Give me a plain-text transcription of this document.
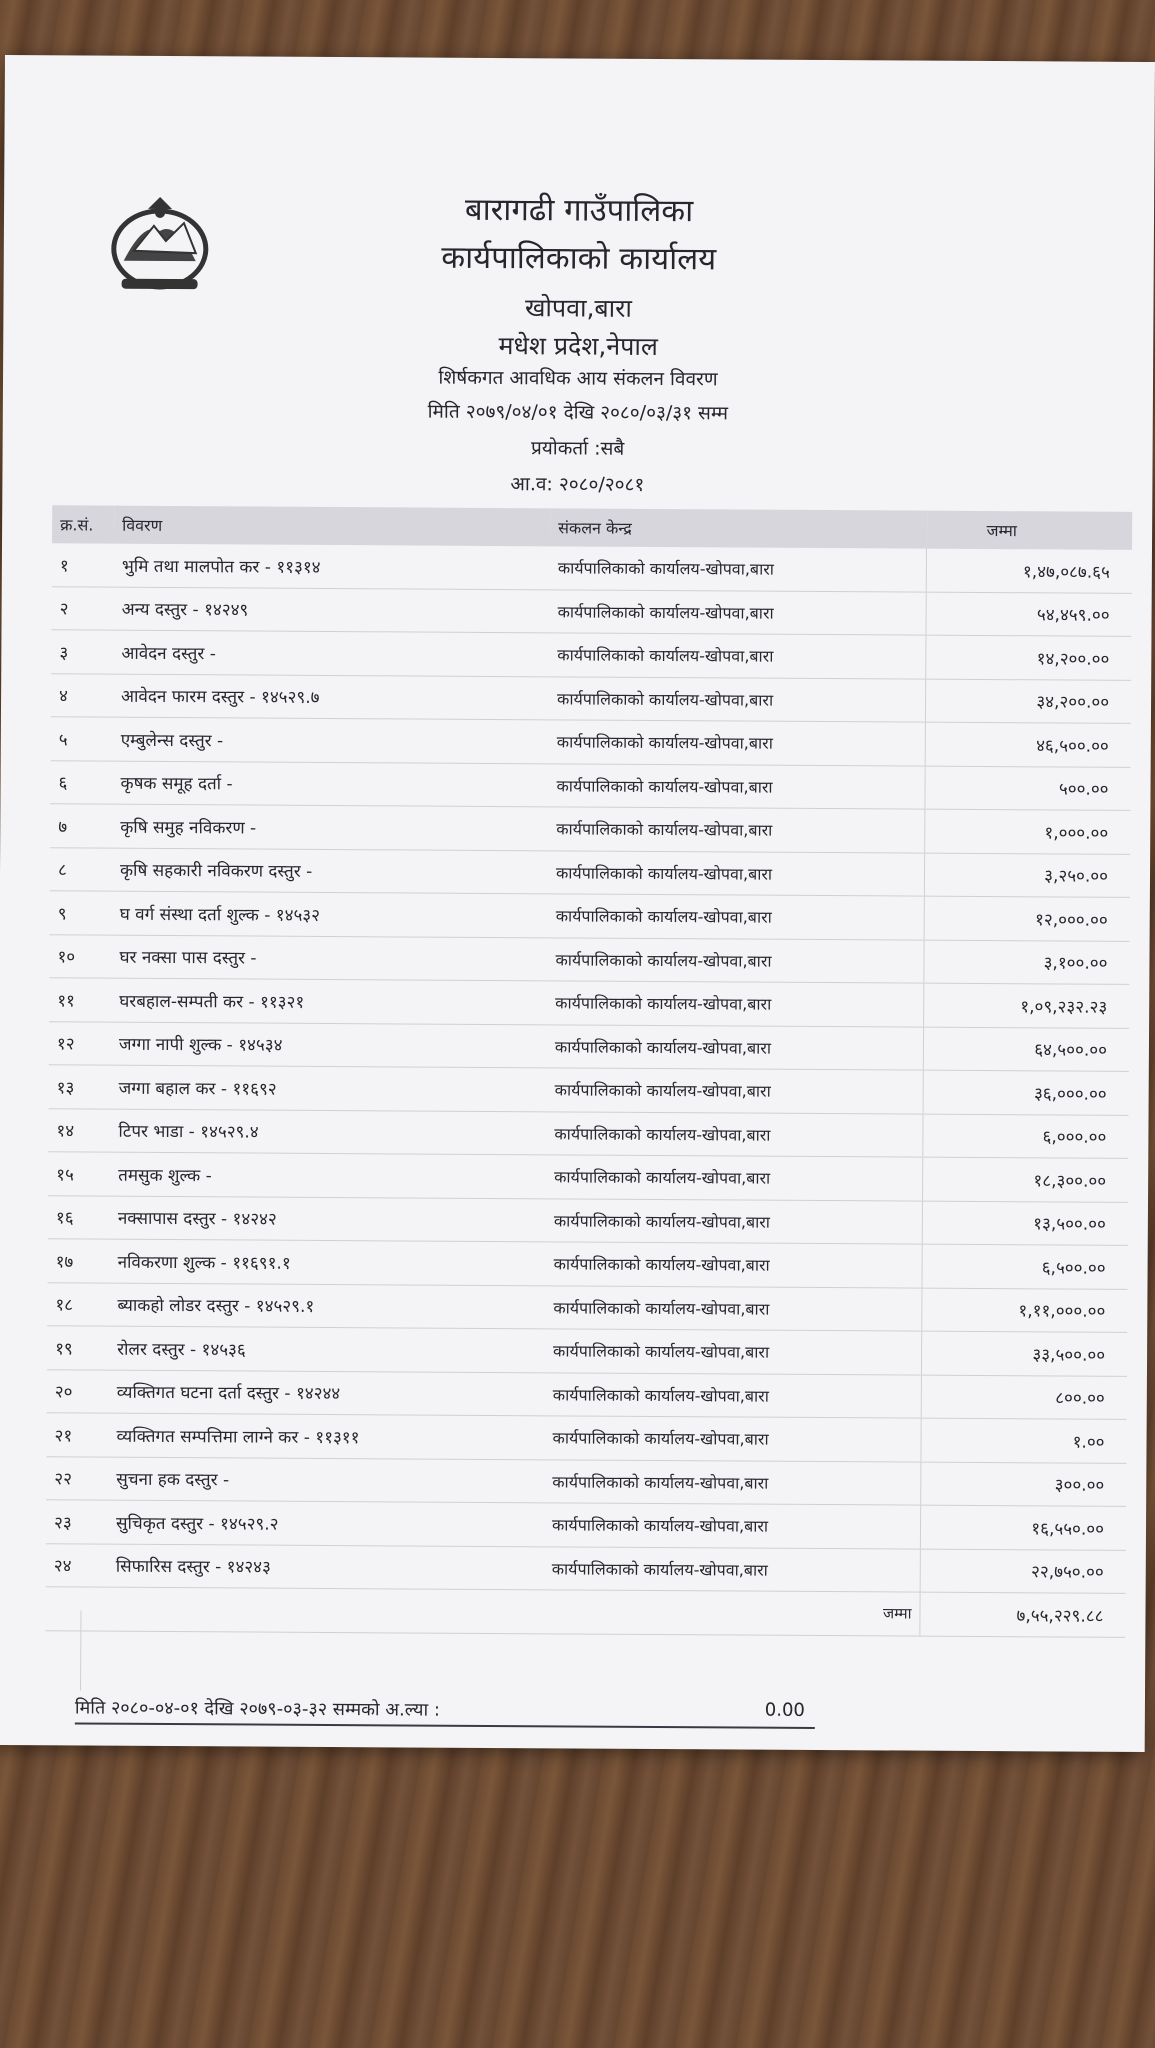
बारागढी गाउँपालिका
कार्यपालिकाको कार्यालय
खोपवा,बारा
मधेश प्रदेश,नेपाल
शिर्षकगत आवधिक आय संकलन विवरण
मिति २०७९/०४/०१ देखि २०८०/०३/३१ सम्म
प्रयोकर्ता :सबै
आ.व: २०८०/२०८१
क्र.सं.	विवरण	संकलन केन्द्र	जम्मा
१	भुमि तथा मालपोत कर - ११३१४	कार्यपालिकाको कार्यालय-खोपवा,बारा	१,४७,०८७.६५
२	अन्य दस्तुर - १४२४९	कार्यपालिकाको कार्यालय-खोपवा,बारा	५४,४५९.००
३	आवेदन दस्तुर -	कार्यपालिकाको कार्यालय-खोपवा,बारा	१४,२००.००
४	आवेदन फारम दस्तुर - १४५२९.७	कार्यपालिकाको कार्यालय-खोपवा,बारा	३४,२००.००
५	एम्बुलेन्स दस्तुर -	कार्यपालिकाको कार्यालय-खोपवा,बारा	४६,५००.००
६	कृषक समूह दर्ता -	कार्यपालिकाको कार्यालय-खोपवा,बारा	५००.००
७	कृषि समुह नविकरण -	कार्यपालिकाको कार्यालय-खोपवा,बारा	१,०००.००
८	कृषि सहकारी नविकरण दस्तुर -	कार्यपालिकाको कार्यालय-खोपवा,बारा	३,२५०.००
९	घ वर्ग संस्था दर्ता शुल्क - १४५३२	कार्यपालिकाको कार्यालय-खोपवा,बारा	१२,०००.००
१०	घर नक्सा पास दस्तुर -	कार्यपालिकाको कार्यालय-खोपवा,बारा	३,१००.००
११	घरबहाल-सम्पती कर - ११३२१	कार्यपालिकाको कार्यालय-खोपवा,बारा	१,०९,२३२.२३
१२	जग्गा नापी शुल्क - १४५३४	कार्यपालिकाको कार्यालय-खोपवा,बारा	६४,५००.००
१३	जग्गा बहाल कर - ११६९२	कार्यपालिकाको कार्यालय-खोपवा,बारा	३६,०००.००
१४	टिपर भाडा - १४५२९.४	कार्यपालिकाको कार्यालय-खोपवा,बारा	६,०००.००
१५	तमसुक शुल्क -	कार्यपालिकाको कार्यालय-खोपवा,बारा	१८,३००.००
१६	नक्सापास दस्तुर - १४२४२	कार्यपालिकाको कार्यालय-खोपवा,बारा	१३,५००.००
१७	नविकरणा शुल्क - ११६९१.१	कार्यपालिकाको कार्यालय-खोपवा,बारा	६,५००.००
१८	ब्याकहो लोडर दस्तुर - १४५२९.१	कार्यपालिकाको कार्यालय-खोपवा,बारा	१,११,०००.००
१९	रोलर दस्तुर - १४५३६	कार्यपालिकाको कार्यालय-खोपवा,बारा	३३,५००.००
२०	व्यक्तिगत घटना दर्ता दस्तुर - १४२४४	कार्यपालिकाको कार्यालय-खोपवा,बारा	८००.००
२१	व्यक्तिगत सम्पत्तिमा लाग्ने कर - ११३११	कार्यपालिकाको कार्यालय-खोपवा,बारा	१.००
२२	सुचना हक दस्तुर -	कार्यपालिकाको कार्यालय-खोपवा,बारा	३००.००
२३	सुचिकृत दस्तुर - १४५२९.२	कार्यपालिकाको कार्यालय-खोपवा,बारा	१६,५५०.००
२४	सिफारिस दस्तुर - १४२४३	कार्यपालिकाको कार्यालय-खोपवा,बारा	२२,७५०.००
		जम्मा	७,५५,२२९.८८
मिति २०८०-०४-०१ देखि २०७९-०३-३२ सम्मको अ.ल्या :	0.00
